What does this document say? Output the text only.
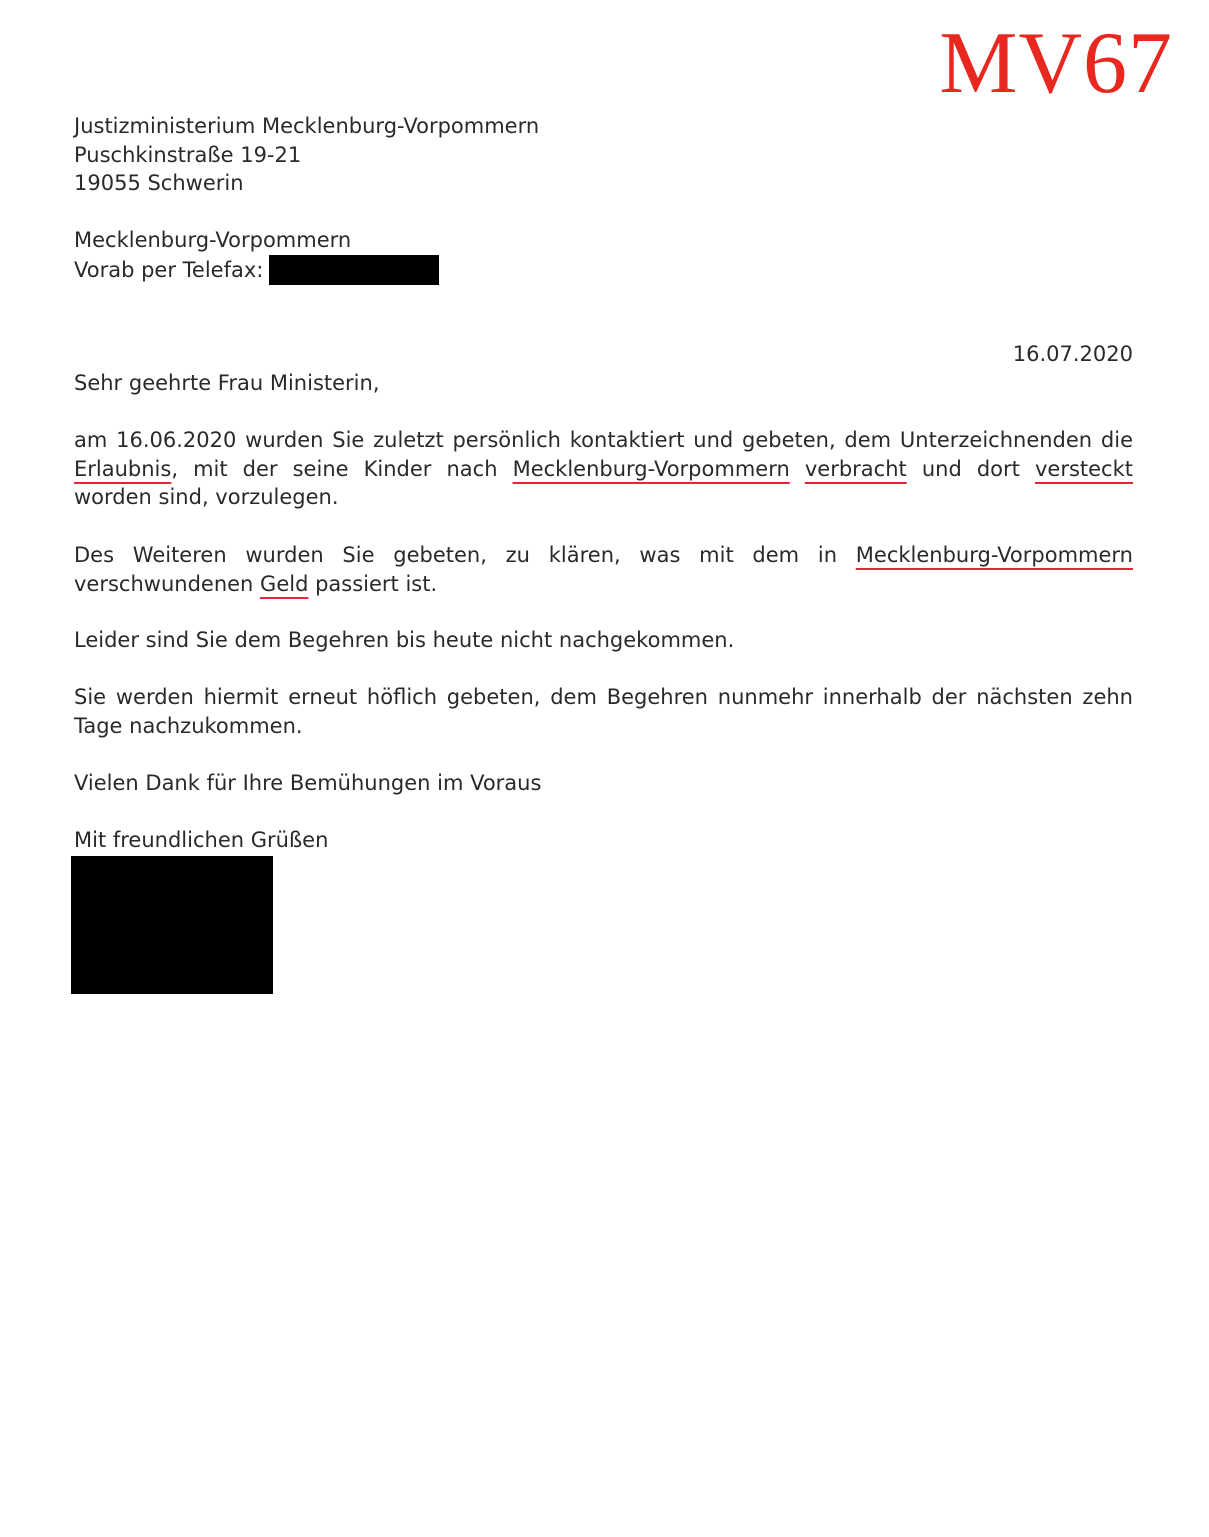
MV67
Justizministerium Mecklenburg-Vorpommern
Puschkinstraße 19-21
19055 Schwerin
Mecklenburg-Vorpommern
Vorab per Telefax:
16.07.2020
Sehr geehrte Frau Ministerin,
am 16.06.2020 wurden Sie zuletzt persönlich kontaktiert und gebeten, dem Unterzeichnenden die Erlaubnis, mit der seine Kinder nach Mecklenburg-Vorpommern verbracht und dort versteckt worden sind, vorzulegen.
Des Weiteren wurden Sie gebeten, zu klären, was mit dem in Mecklenburg-Vorpommern verschwundenen Geld passiert ist.
Leider sind Sie dem Begehren bis heute nicht nachgekommen.
Sie werden hiermit erneut höflich gebeten, dem Begehren nunmehr innerhalb der nächsten zehn Tage nachzukommen.
Vielen Dank für Ihre Bemühungen im Voraus
Mit freundlichen Grüßen
